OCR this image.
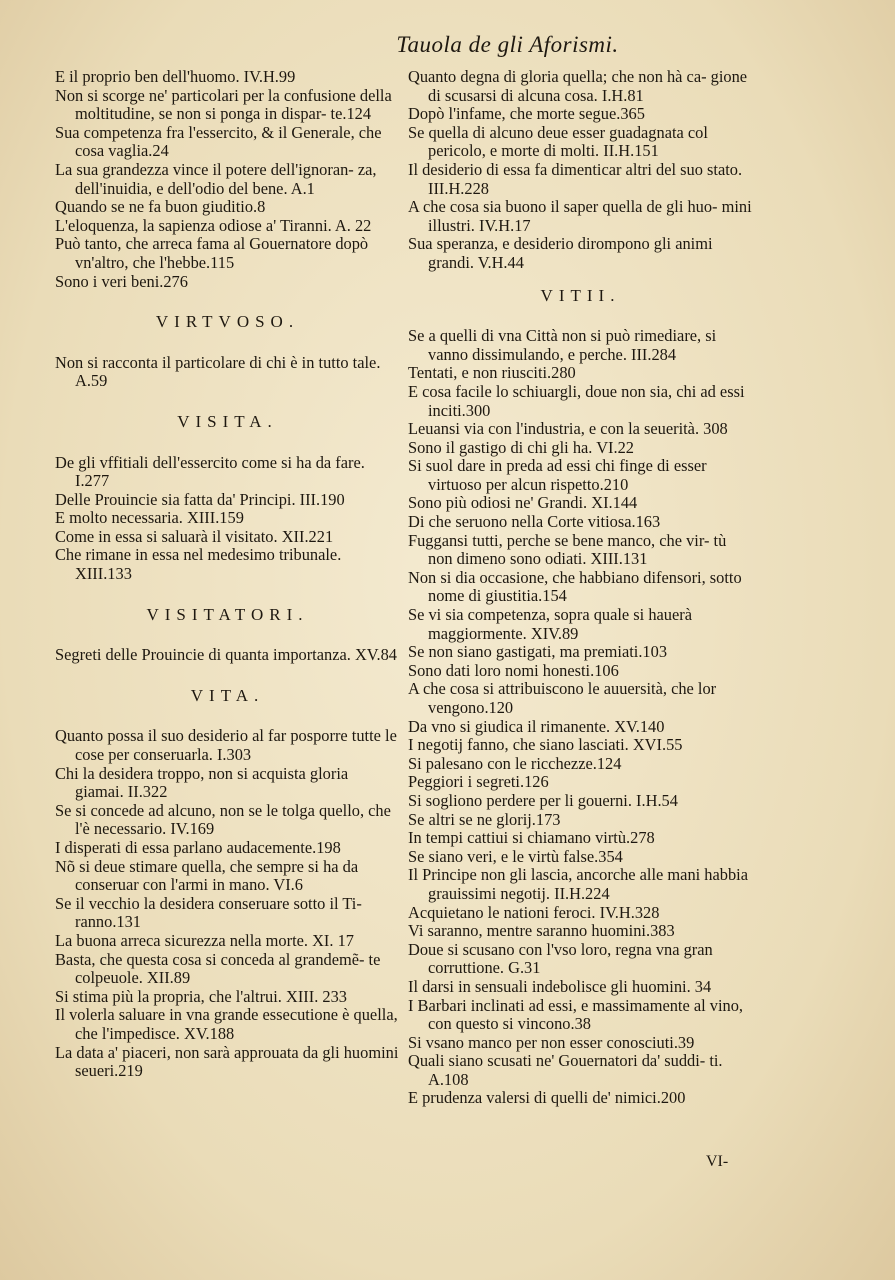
Tauola de gli Aforismi.

E il proprio ben dell'huomo. IV.H.99

Non si scorge ne' particolari per la confusione della moltitudine, se non si ponga in dispar- te.124

Sua competenza fra l'essercito, & il Generale, che cosa vaglia.24

La sua grandezza vince il potere dell'ignoran- za, dell'inuidia, e dell'odio del bene. A.1

Quando se ne fa buon giuditio.8

L'eloquenza, la sapienza odiose a' Tiranni. A. 22

Può tanto, che arreca fama al Gouernatore dopò vn'altro, che l'hebbe.115

Sono i veri beni.276

VIRTVOSO.

Non si racconta il particolare di chi è in tutto tale. A.59

VISITA.

De gli vffitiali dell'essercito come si ha da fare. I.277

Delle Prouincie sia fatta da' Principi. III.190

E molto necessaria. XIII.159

Come in essa si saluarà il visitato. XII.221

Che rimane in essa nel medesimo tribunale. XIII.133

VISITATORI.

Segreti delle Prouincie di quanta importanza. XV.84

VITA.

Quanto possa il suo desiderio al far posporre tutte le cose per conseruarla. I.303

Chi la desidera troppo, non si acquista gloria giamai. II.322

Se si concede ad alcuno, non se le tolga quello, che l'è necessario. IV.169

I disperati di essa parlano audacemente.198

Nõ si deue stimare quella, che sempre si ha da conseruar con l'armi in mano. VI.6

Se il vecchio la desidera conseruare sotto il Ti- ranno.131

La buona arreca sicurezza nella morte. XI. 17

Basta, che questa cosa si conceda al grandemẽ- te colpeuole. XII.89

Si stima più la propria, che l'altrui. XIII. 233

Il volerla saluare in vna grande essecutione è quella, che l'impedisce. XV.188

La data a' piaceri, non sarà approuata da gli huomini seueri.219

Quanto degna di gloria quella; che non hà ca- gione di scusarsi di alcuna cosa. I.H.81

Dopò l'infame, che morte segue.365

Se quella di alcuno deue esser guadagnata col pericolo, e morte di molti. II.H.151

Il desiderio di essa fa dimenticar altri del suo stato. III.H.228

A che cosa sia buono il saper quella de gli huo- mini illustri. IV.H.17

Sua speranza, e desiderio dirompono gli animi grandi. V.H.44

VITII.

Se a quelli di vna Città non si può rimediare, si vanno dissimulando, e perche. III.284

Tentati, e non riusciti.280

E cosa facile lo schiuargli, doue non sia, chi ad essi inciti.300

Leuansi via con l'industria, e con la seuerità. 308

Sono il gastigo di chi gli ha. VI.22

Si suol dare in preda ad essi chi finge di esser virtuoso per alcun rispetto.210

Sono più odiosi ne' Grandi. XI.144

Di che seruono nella Corte vitiosa.163

Fuggansi tutti, perche se bene manco, che vir- tù non dimeno sono odiati. XIII.131

Non si dia occasione, che habbiano difensori, sotto nome di giustitia.154

Se vi sia competenza, sopra quale si hauerà maggiormente. XIV.89

Se non siano gastigati, ma premiati.103

Sono dati loro nomi honesti.106

A che cosa si attribuiscono le auuersità, che lor vengono.120

Da vno si giudica il rimanente. XV.140

I negotij fanno, che siano lasciati. XVI.55

Si palesano con le ricchezze.124

Peggiori i segreti.126

Si sogliono perdere per li gouerni. I.H.54

Se altri se ne glorij.173

In tempi cattiui si chiamano virtù.278

Se siano veri, e le virtù false.354

Il Principe non gli lascia, ancorche alle mani habbia grauissimi negotij. II.H.224

Acquietano le nationi feroci. IV.H.328

Vi saranno, mentre saranno huomini.383

Doue si scusano con l'vso loro, regna vna gran corruttione. G.31

Il darsi in sensuali indebolisce gli huomini. 34

I Barbari inclinati ad essi, e massimamente al vino, con questo si vincono.38

Si vsano manco per non esser conosciuti.39

Quali siano scusati ne' Gouernatori da' suddi- ti. A.108

E prudenza valersi di quelli de' nimici.200

VI-
